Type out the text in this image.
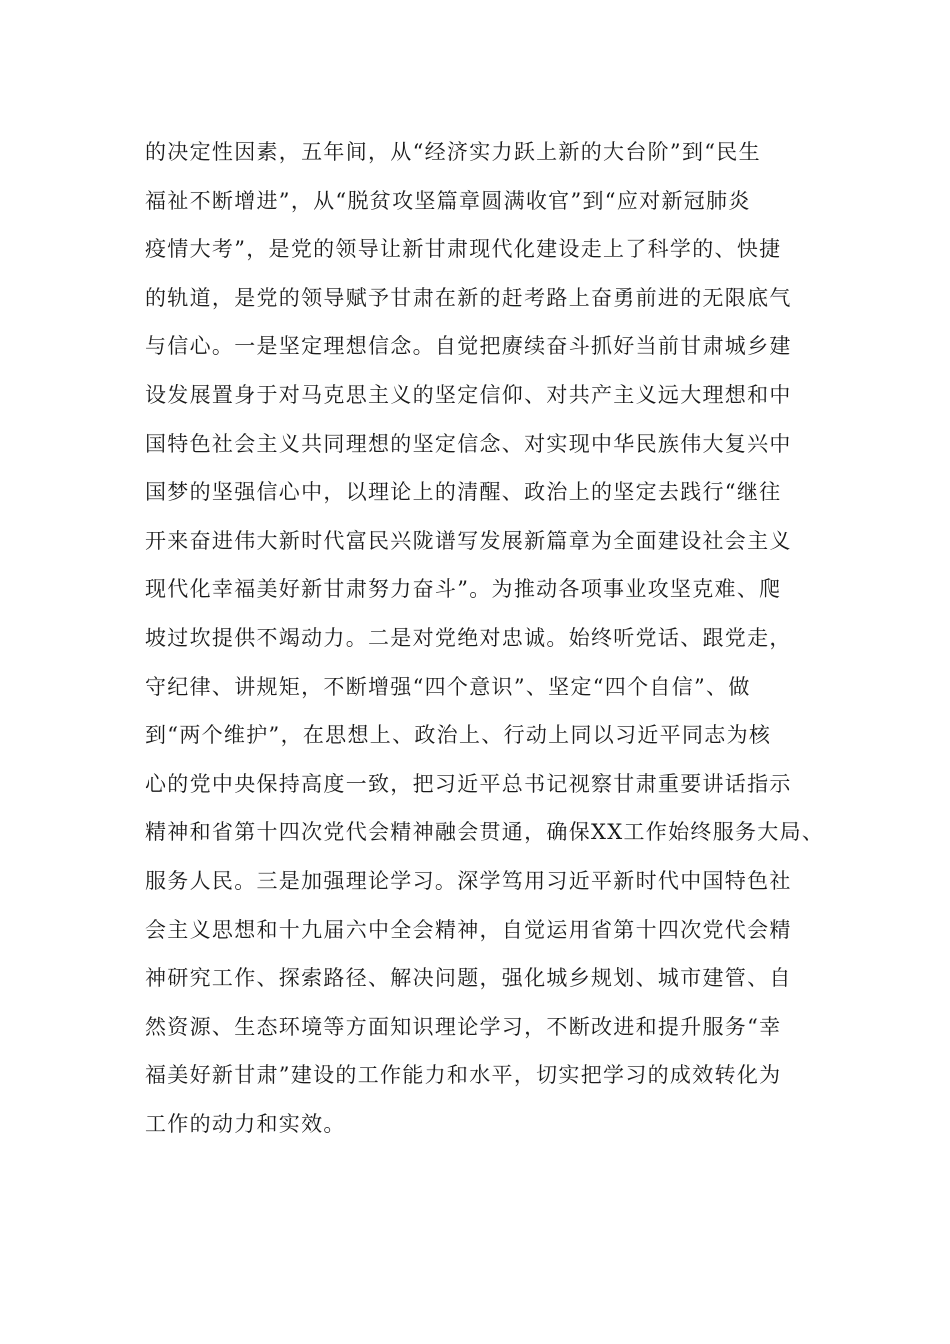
的决定性因素，五年间，从“经济实力跃上新的大台阶”到“民生
福祉不断增进”，从“脱贫攻坚篇章圆满收官”到“应对新冠肺炎
疫情大考”，是党的领导让新甘肃现代化建设走上了科学的、快捷
的轨道，是党的领导赋予甘肃在新的赶考路上奋勇前进的无限底气
与信心。一是坚定理想信念。自觉把赓续奋斗抓好当前甘肃城乡建
设发展置身于对马克思主义的坚定信仰、对共产主义远大理想和中
国特色社会主义共同理想的坚定信念、对实现中华民族伟大复兴中
国梦的坚强信心中，以理论上的清醒、政治上的坚定去践行“继往
开来奋进伟大新时代富民兴陇谱写发展新篇章为全面建设社会主义
现代化幸福美好新甘肃努力奋斗”。为推动各项事业攻坚克难、爬
坡过坎提供不竭动力。二是对党绝对忠诚。始终听党话、跟党走，
守纪律、讲规矩，不断增强“四个意识”、坚定“四个自信”、做
到“两个维护”，在思想上、政治上、行动上同以习近平同志为核
心的党中央保持高度一致，把习近平总书记视察甘肃重要讲话指示
精神和省第十四次党代会精神融会贯通，确保XX工作始终服务大局、
服务人民。三是加强理论学习。深学笃用习近平新时代中国特色社
会主义思想和十九届六中全会精神，自觉运用省第十四次党代会精
神研究工作、探索路径、解决问题，强化城乡规划、城市建管、自
然资源、生态环境等方面知识理论学习，不断改进和提升服务“幸
福美好新甘肃”建设的工作能力和水平，切实把学习的成效转化为
工作的动力和实效。
